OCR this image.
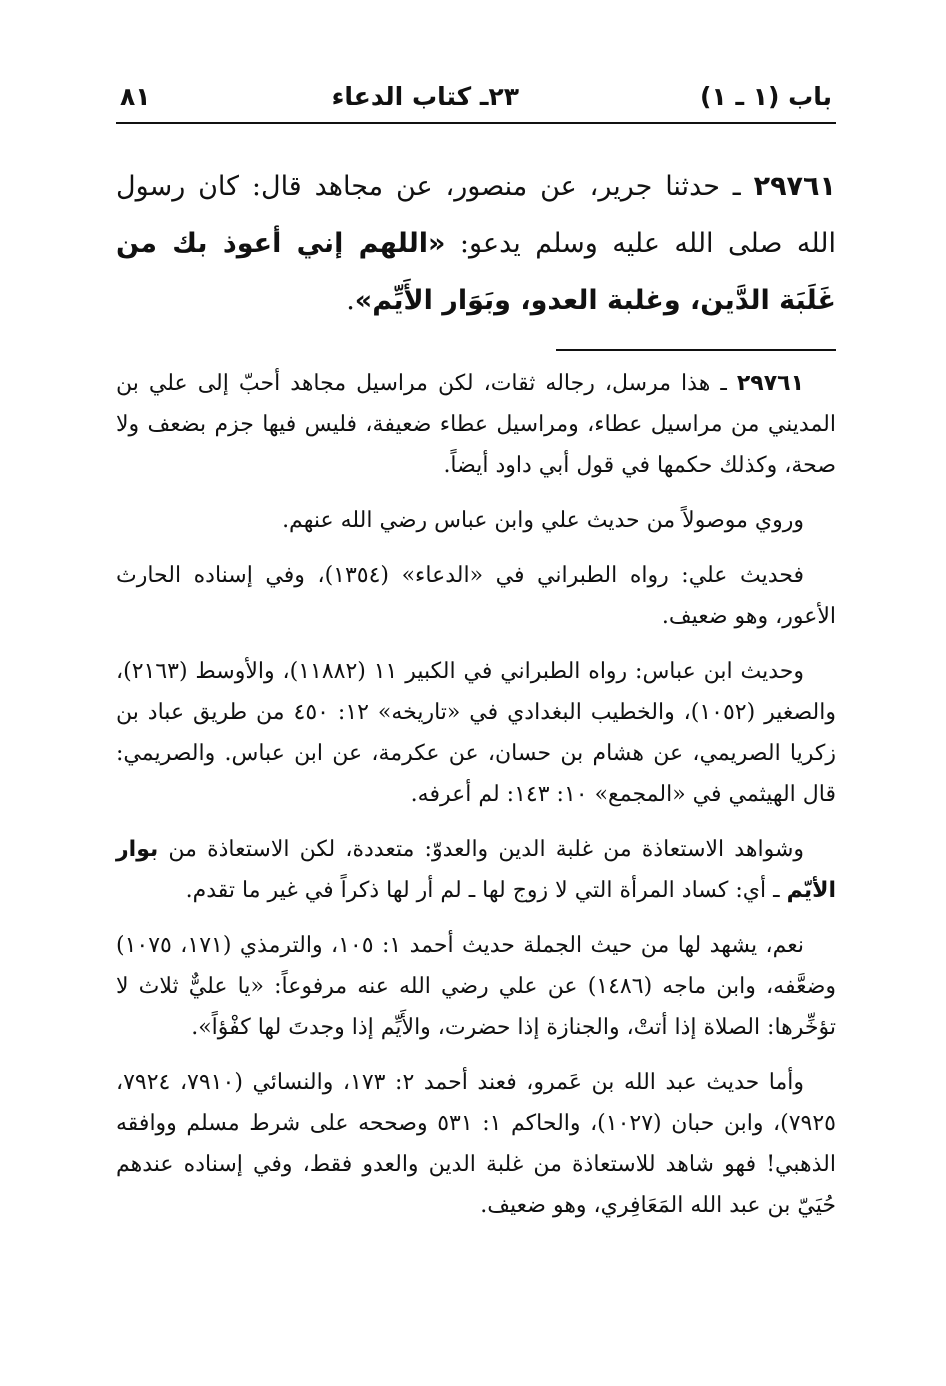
باب (١ ـ ١)
٢٣ـ كتاب الدعاء
٨١
٢٩٧٦١ ـ حدثنا جرير، عن منصور، عن مجاهد قال: كان رسول الله صلى الله عليه وسلم يدعو: «اللهم إني أعوذ بك من غَلَبَة الدَّين، وغلبة العدو، وبَوَار الأَيِّم».

٢٩٧٦١ ـ هذا مرسل، رجاله ثقات، لكن مراسيل مجاهد أحبّ إلى علي بن المديني من مراسيل عطاء، ومراسيل عطاء ضعيفة، فليس فيها جزم بضعف ولا صحة، وكذلك حكمها في قول أبي داود أيضاً.

وروي موصولاً من حديث علي وابن عباس رضي الله عنهم.

فحديث علي: رواه الطبراني في «الدعاء» (١٣٥٤)، وفي إسناده الحارث الأعور، وهو ضعيف.

وحديث ابن عباس: رواه الطبراني في الكبير ١١ (١١٨٨٢)، والأوسط (٢١٦٣)، والصغير (١٠٥٢)، والخطيب البغدادي في «تاريخه» ١٢: ٤٥٠ من طريق عباد بن زكريا الصريمي، عن هشام بن حسان، عن عكرمة، عن ابن عباس. والصريمي: قال الهيثمي في «المجمع» ١٠: ١٤٣: لم أعرفه.

وشواهد الاستعاذة من غلبة الدين والعدوّ: متعددة، لكن الاستعاذة من بوار الأيّم ـ أي: كساد المرأة التي لا زوج لها ـ لم أر لها ذكراً في غير ما تقدم.

نعم، يشهد لها من حيث الجملة حديث أحمد ١: ١٠٥، والترمذي (١٧١، ١٠٧٥) وضعَّفه، وابن ماجه (١٤٨٦) عن علي رضي الله عنه مرفوعاً: «يا عليٌّ ثلاث لا تؤخِّرها: الصلاة إذا أتتْ، والجنازة إذا حضرت، والأَيِّم إذا وجدتَ لها كفْؤاً».

وأما حديث عبد الله بن عَمرو، فعند أحمد ٢: ١٧٣، والنسائي (٧٩١٠، ٧٩٢٤، ٧٩٢٥)، وابن حبان (١٠٢٧)، والحاكم ١: ٥٣١ وصححه على شرط مسلم ووافقه الذهبي! فهو شاهد للاستعاذة من غلبة الدين والعدو فقط، وفي إسناده عندهم حُيَيّ بن عبد الله المَعَافِري، وهو ضعيف.
